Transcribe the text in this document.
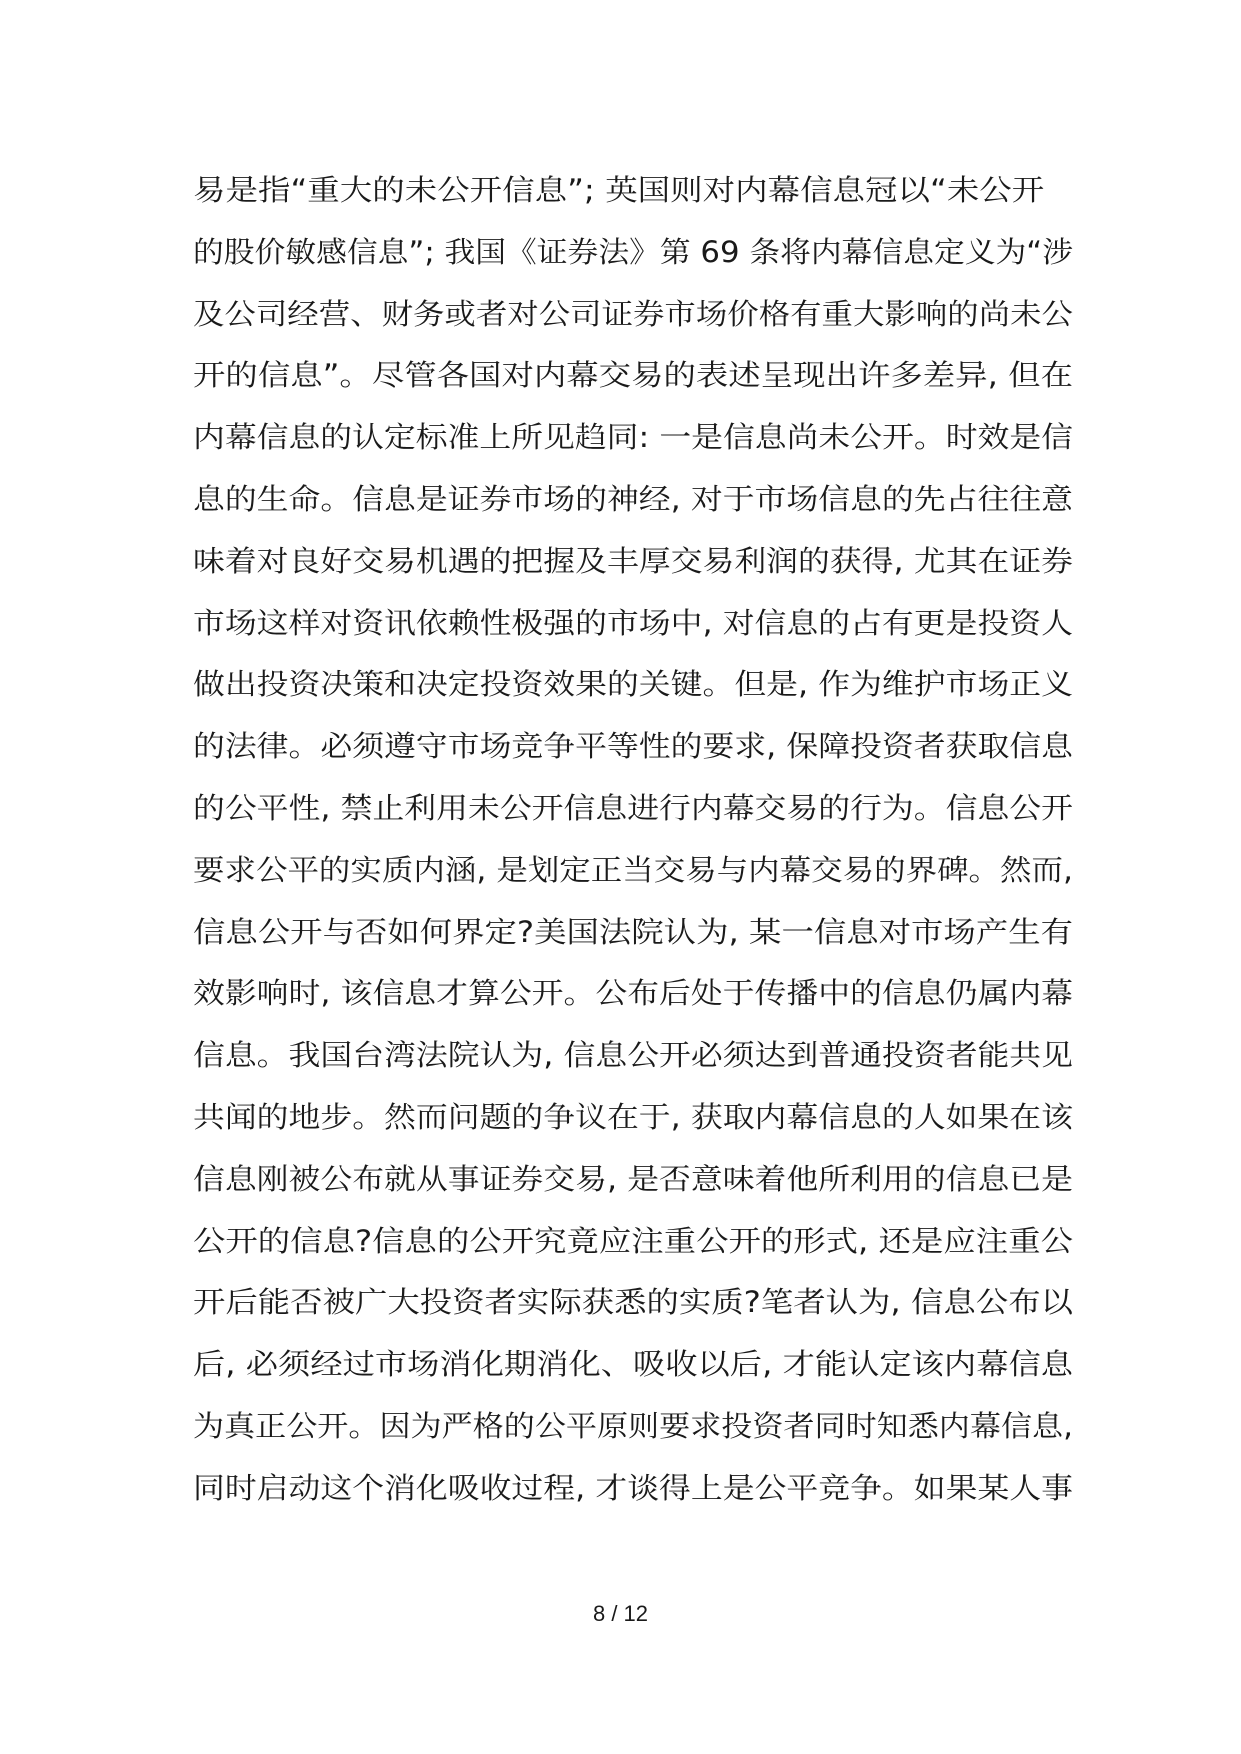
易是指“重大的未公开信息”; 英国则对内幕信息冠以“未公开
的股价敏感信息”; 我国《证券法》第 69 条将内幕信息定义为“涉
及公司经营、财务或者对公司证券市场价格有重大影响的尚未公
开的信息”。尽管各国对内幕交易的表述呈现出许多差异, 但在
内幕信息的认定标准上所见趋同: 一是信息尚未公开。时效是信
息的生命。信息是证券市场的神经, 对于市场信息的先占往往意
味着对良好交易机遇的把握及丰厚交易利润的获得, 尤其在证券
市场这样对资讯依赖性极强的市场中, 对信息的占有更是投资人
做出投资决策和决定投资效果的关键。但是, 作为维护市场正义
的法律。必须遵守市场竞争平等性的要求, 保障投资者获取信息
的公平性, 禁止利用未公开信息进行内幕交易的行为。信息公开
要求公平的实质内涵, 是划定正当交易与内幕交易的界碑。然而,
信息公开与否如何界定?美国法院认为, 某一信息对市场产生有
效影响时, 该信息才算公开。公布后处于传播中的信息仍属内幕
信息。我国台湾法院认为, 信息公开必须达到普通投资者能共见
共闻的地步。然而问题的争议在于, 获取内幕信息的人如果在该
信息刚被公布就从事证券交易, 是否意味着他所利用的信息已是
公开的信息?信息的公开究竟应注重公开的形式, 还是应注重公
开后能否被广大投资者实际获悉的实质?笔者认为, 信息公布以
后, 必须经过市场消化期消化、吸收以后, 才能认定该内幕信息
为真正公开。因为严格的公平原则要求投资者同时知悉内幕信息,
同时启动这个消化吸收过程, 才谈得上是公平竞争。如果某人事
8 / 12
